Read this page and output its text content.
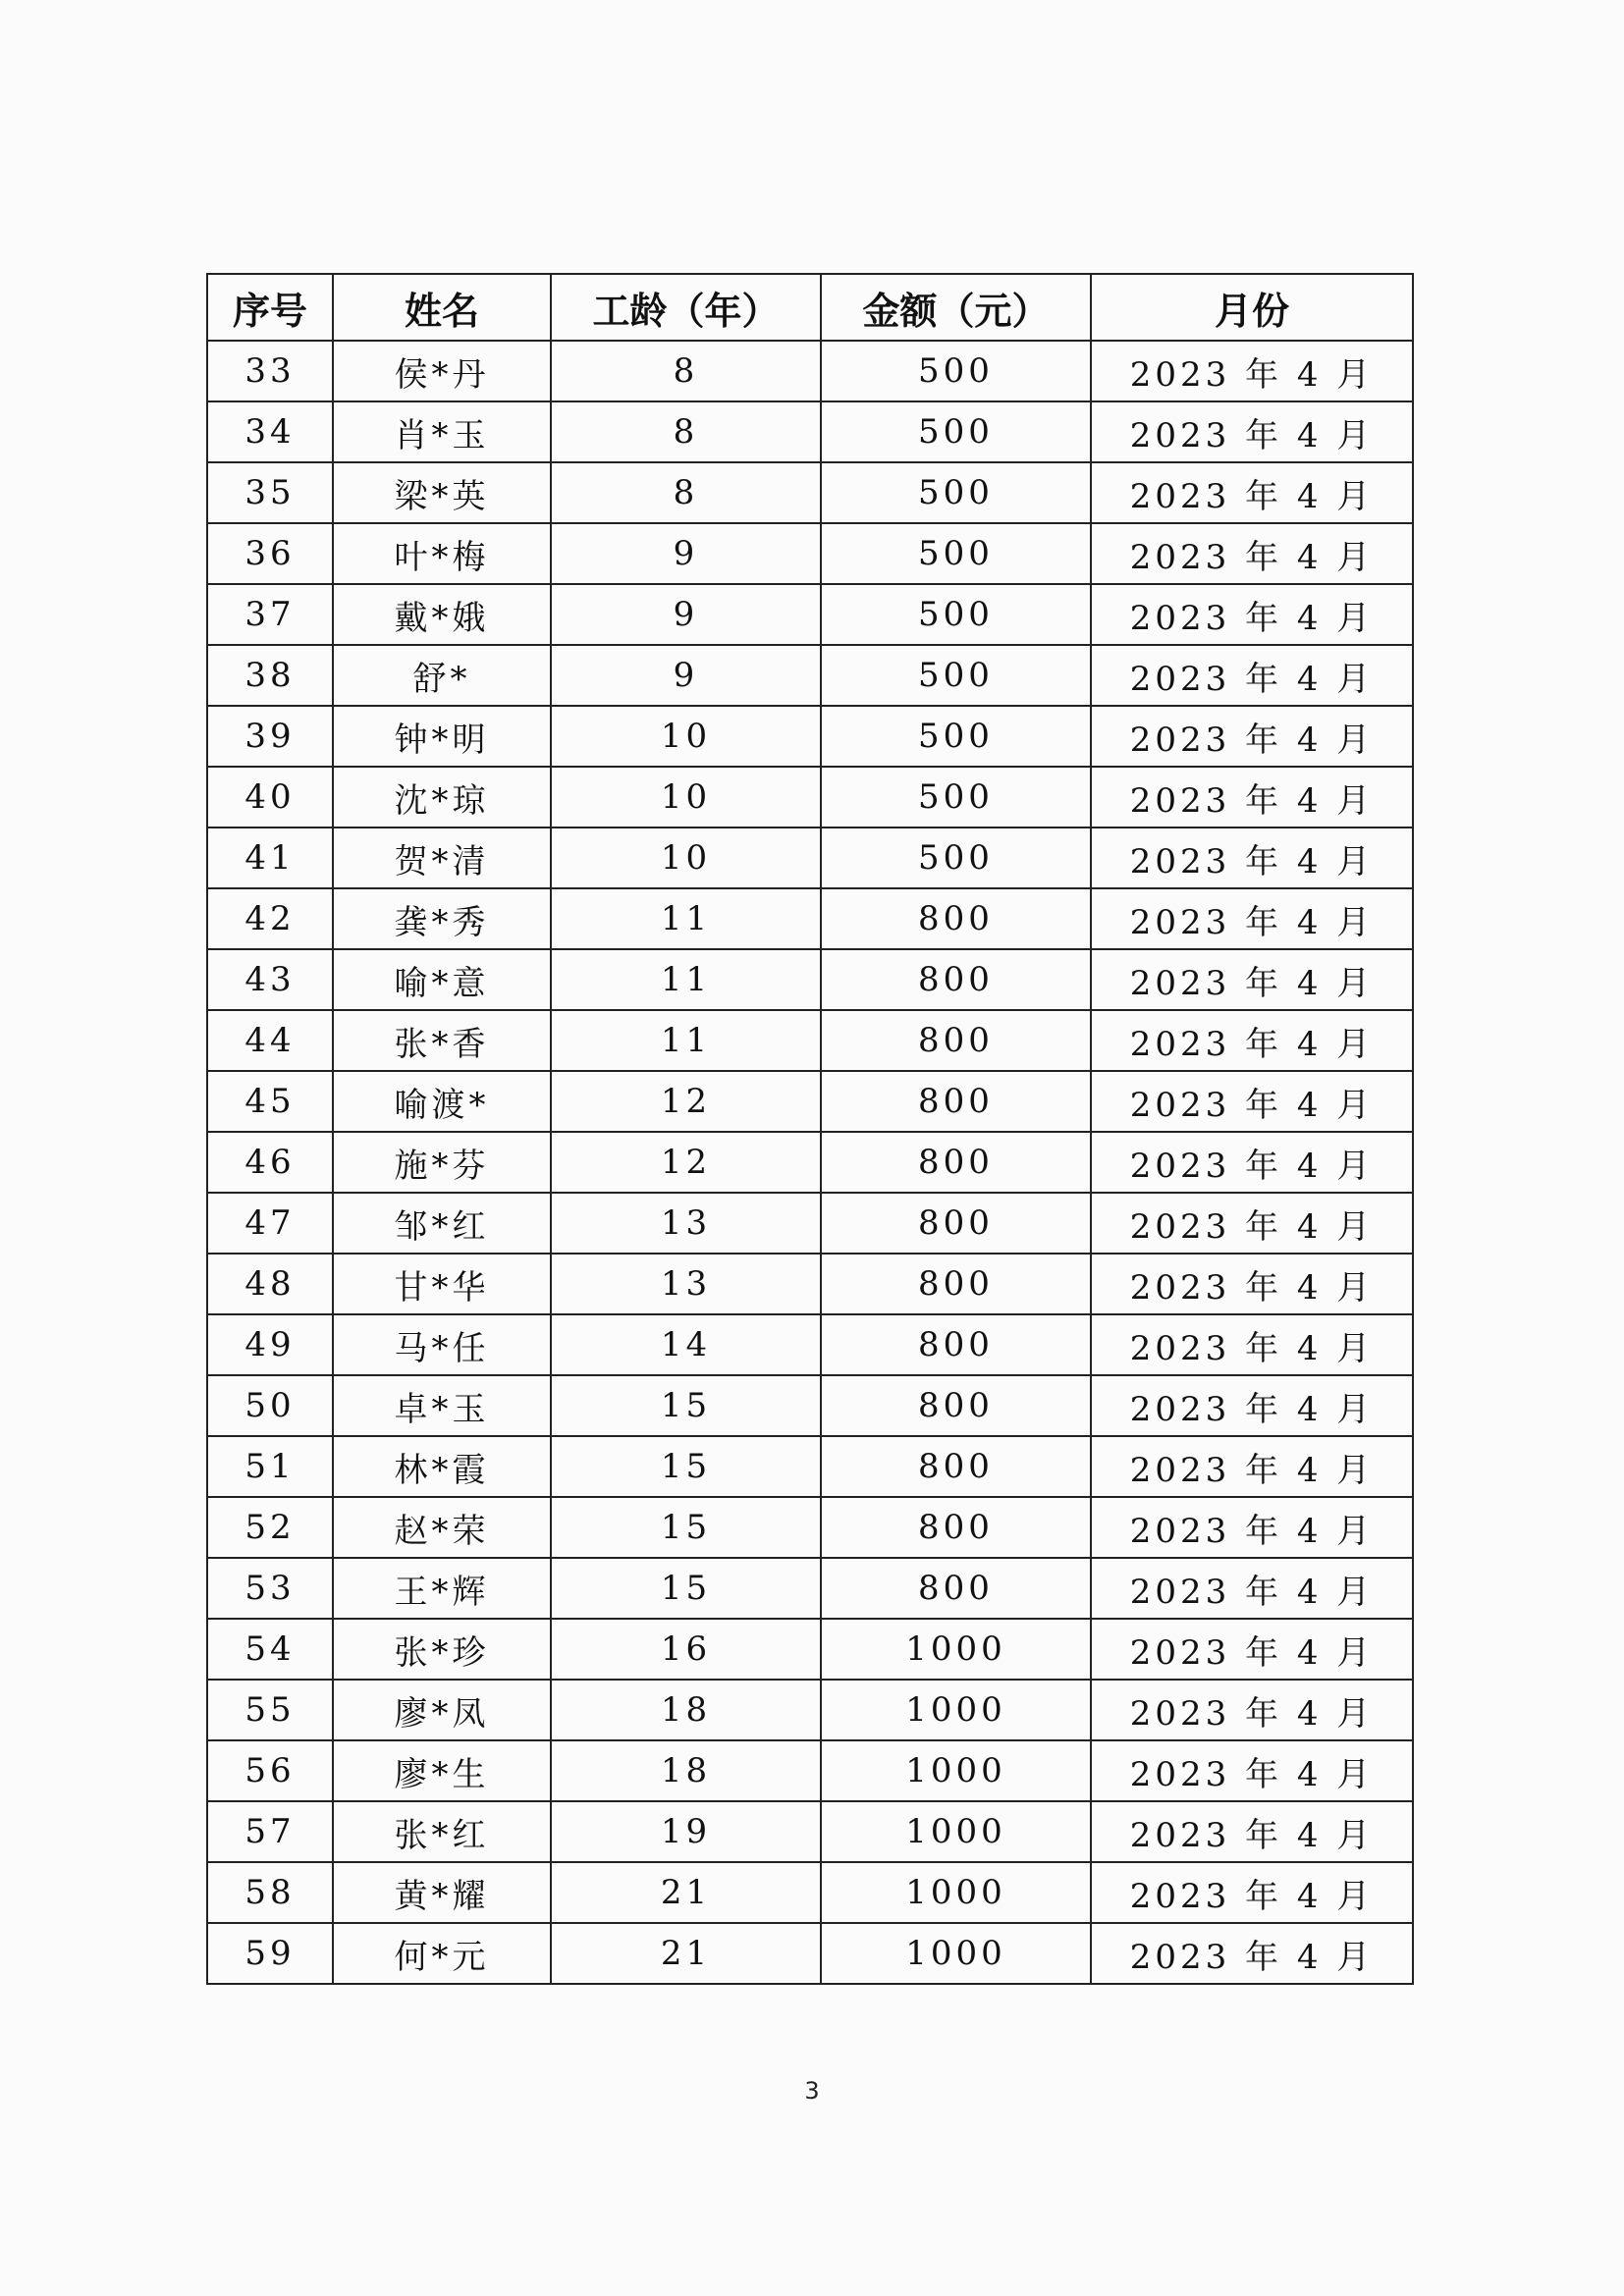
序号	姓名	工龄（年）	金额（元）	月份
33	侯*丹	8	500	2023 年 4 月
34	肖*玉	8	500	2023 年 4 月
35	梁*英	8	500	2023 年 4 月
36	叶*梅	9	500	2023 年 4 月
37	戴*娥	9	500	2023 年 4 月
38	舒*	9	500	2023 年 4 月
39	钟*明	10	500	2023 年 4 月
40	沈*琼	10	500	2023 年 4 月
41	贺*清	10	500	2023 年 4 月
42	龚*秀	11	800	2023 年 4 月
43	喻*意	11	800	2023 年 4 月
44	张*香	11	800	2023 年 4 月
45	喻渡*	12	800	2023 年 4 月
46	施*芬	12	800	2023 年 4 月
47	邹*红	13	800	2023 年 4 月
48	甘*华	13	800	2023 年 4 月
49	马*任	14	800	2023 年 4 月
50	卓*玉	15	800	2023 年 4 月
51	林*霞	15	800	2023 年 4 月
52	赵*荣	15	800	2023 年 4 月
53	王*辉	15	800	2023 年 4 月
54	张*珍	16	1000	2023 年 4 月
55	廖*凤	18	1000	2023 年 4 月
56	廖*生	18	1000	2023 年 4 月
57	张*红	19	1000	2023 年 4 月
58	黄*耀	21	1000	2023 年 4 月
59	何*元	21	1000	2023 年 4 月
3
